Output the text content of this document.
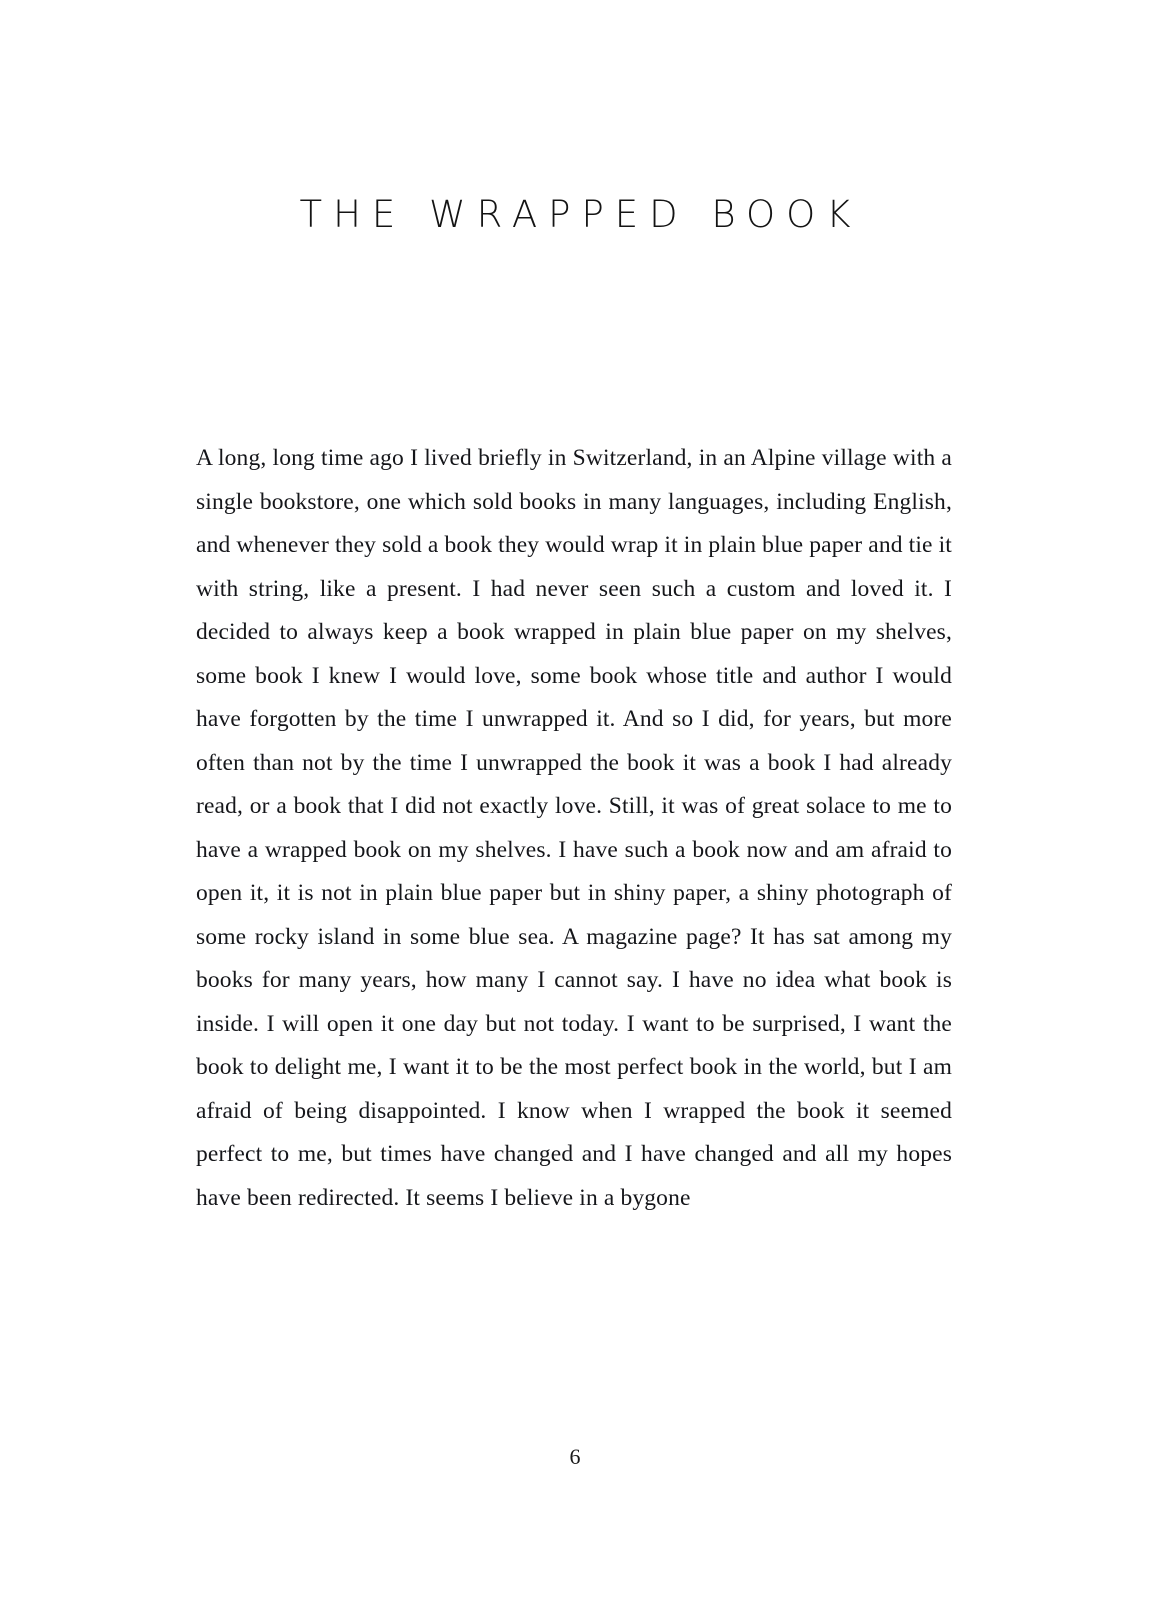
THE WRAPPED BOOK

A long, long time ago I lived briefly in Switzerland, in an Alpine village with a single bookstore, one which sold books in many languages, including English, and whenever they sold a book they would wrap it in plain blue paper and tie it with string, like a present. I had never seen such a custom and loved it. I decided to always keep a book wrapped in plain blue paper on my shelves, some book I knew I would love, some book whose title and author I would have forgotten by the time I unwrapped it. And so I did, for years, but more often than not by the time I unwrapped the book it was a book I had already read, or a book that I did not exactly love. Still, it was of great solace to me to have a wrapped book on my shelves. I have such a book now and am afraid to open it, it is not in plain blue paper but in shiny paper, a shiny photograph of some rocky island in some blue sea. A magazine page? It has sat among my books for many years, how many I cannot say. I have no idea what book is inside. I will open it one day but not today. I want to be surprised, I want the book to delight me, I want it to be the most perfect book in the world, but I am afraid of being disappointed. I know when I wrapped the book it seemed perfect to me, but times have changed and I have changed and all my hopes have been redirected. It seems I believe in a bygone

6
